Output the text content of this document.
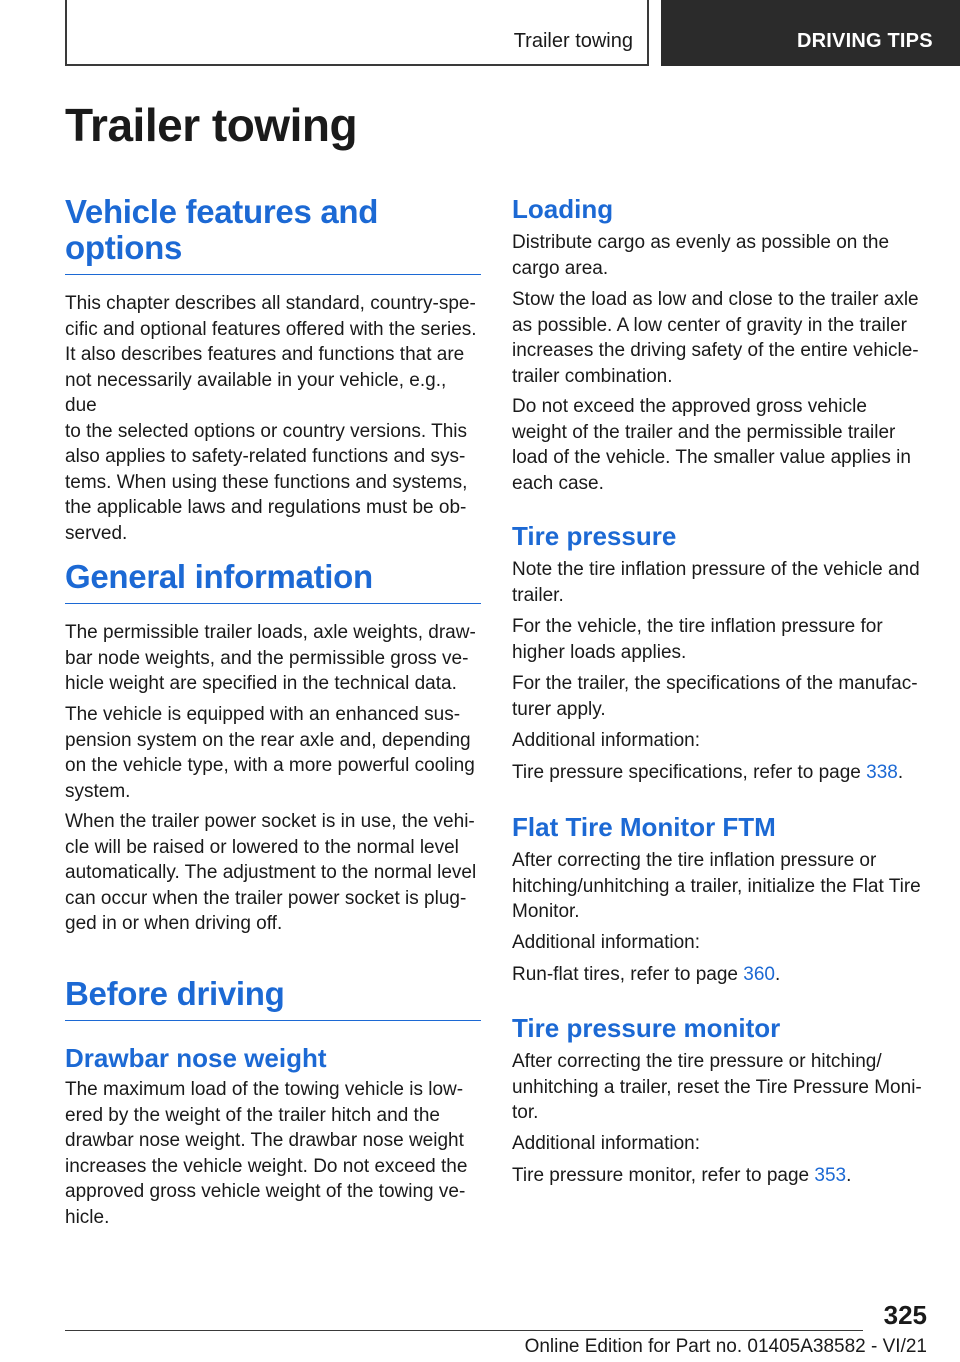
Trailer towing	DRIVING TIPS
Trailer towing
Vehicle features and
options
This chapter describes all standard, country-spe-
cific and optional features offered with the series.
It also describes features and functions that are
not necessarily available in your vehicle, e.g., due
to the selected options or country versions. This
also applies to safety-related functions and sys-
tems. When using these functions and systems,
the applicable laws and regulations must be ob-
served.
General information
The permissible trailer loads, axle weights, draw-
bar node weights, and the permissible gross ve-
hicle weight are specified in the technical data.
The vehicle is equipped with an enhanced sus-
pension system on the rear axle and, depending
on the vehicle type, with a more powerful cooling
system.
When the trailer power socket is in use, the vehi-
cle will be raised or lowered to the normal level
automatically. The adjustment to the normal level
can occur when the trailer power socket is plug-
ged in or when driving off.
Before driving
Drawbar nose weight
The maximum load of the towing vehicle is low-
ered by the weight of the trailer hitch and the
drawbar nose weight. The drawbar nose weight
increases the vehicle weight. Do not exceed the
approved gross vehicle weight of the towing ve-
hicle.
Loading
Distribute cargo as evenly as possible on the
cargo area.
Stow the load as low and close to the trailer axle
as possible. A low center of gravity in the trailer
increases the driving safety of the entire vehicle-
trailer combination.
Do not exceed the approved gross vehicle
weight of the trailer and the permissible trailer
load of the vehicle. The smaller value applies in
each case.
Tire pressure
Note the tire inflation pressure of the vehicle and
trailer.
For the vehicle, the tire inflation pressure for
higher loads applies.
For the trailer, the specifications of the manufac-
turer apply.
Additional information:
Tire pressure specifications, refer to page 338.
Flat Tire Monitor FTM
After correcting the tire inflation pressure or
hitching/unhitching a trailer, initialize the Flat Tire
Monitor.
Additional information:
Run-flat tires, refer to page 360.
Tire pressure monitor
After correcting the tire pressure or hitching/
unhitching a trailer, reset the Tire Pressure Moni-
tor.
Additional information:
Tire pressure monitor, refer to page 353.
325
Online Edition for Part no. 01405A38582 - VI/21
